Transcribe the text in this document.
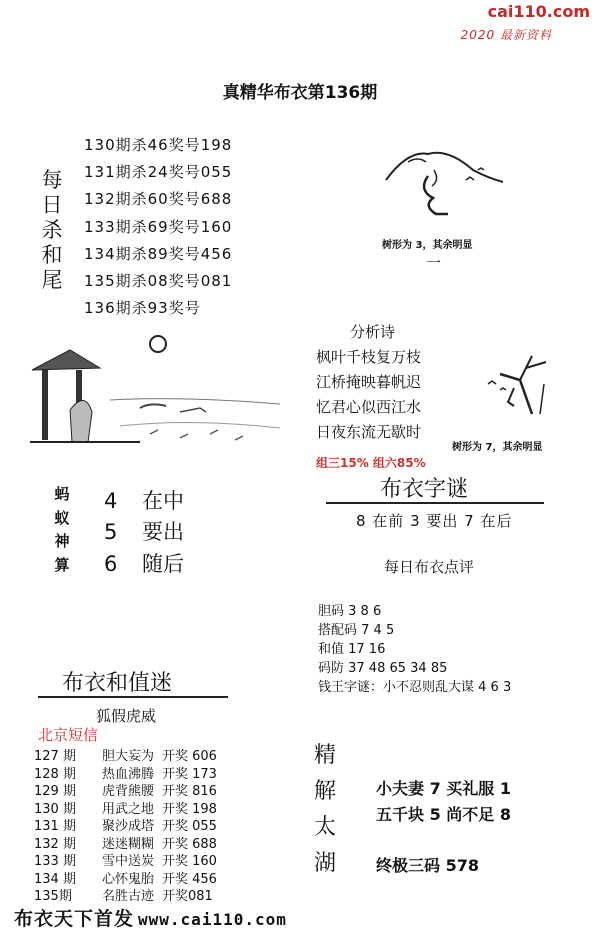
cai110.com
2020 最新资料
真精华布衣第136期
每
日
杀
和
尾
130期杀46奖号198
131期杀24奖号055
132期杀60奖号688
133期杀69奖号160
134期杀89奖号456
135期杀08奖号081
136期杀93奖号
树形为 3，其余明显
一
分析诗
枫叶千枝复万枝
江桥掩映暮帆迟
忆君心似西江水
日夜东流无歇时
组三15% 组六85%
树形为 7，其余明显
蚂
蚁
神
算
4 在中
5 要出
6 随后
布衣字谜
8 在前 3 要出 7 在后
每日布衣点评
胆码 3 8 6
搭配码 7 4 5
和值 17 16
码防 37 48 65 34 85
钱王字谜：小不忍则乱大谋 4 6 3
布衣和值迷
狐假虎威
北京短信
127 期 胆大妄为 开奖 606
128 期 热血沸腾 开奖 173
129 期 虎背熊腰 开奖 816
130 期 用武之地 开奖 198
131 期 聚沙成塔 开奖 055
132 期 迷迷糊糊 开奖 688
133 期 雪中送炭 开奖 160
134 期 心怀鬼胎 开奖 456
135期 名胜古迹 开奖081
精
解
太
湖
小夫妻 7 买礼服 1
五千块 5 尚不足 8
终极三码 578
布衣天下首发 www.cai110.com
